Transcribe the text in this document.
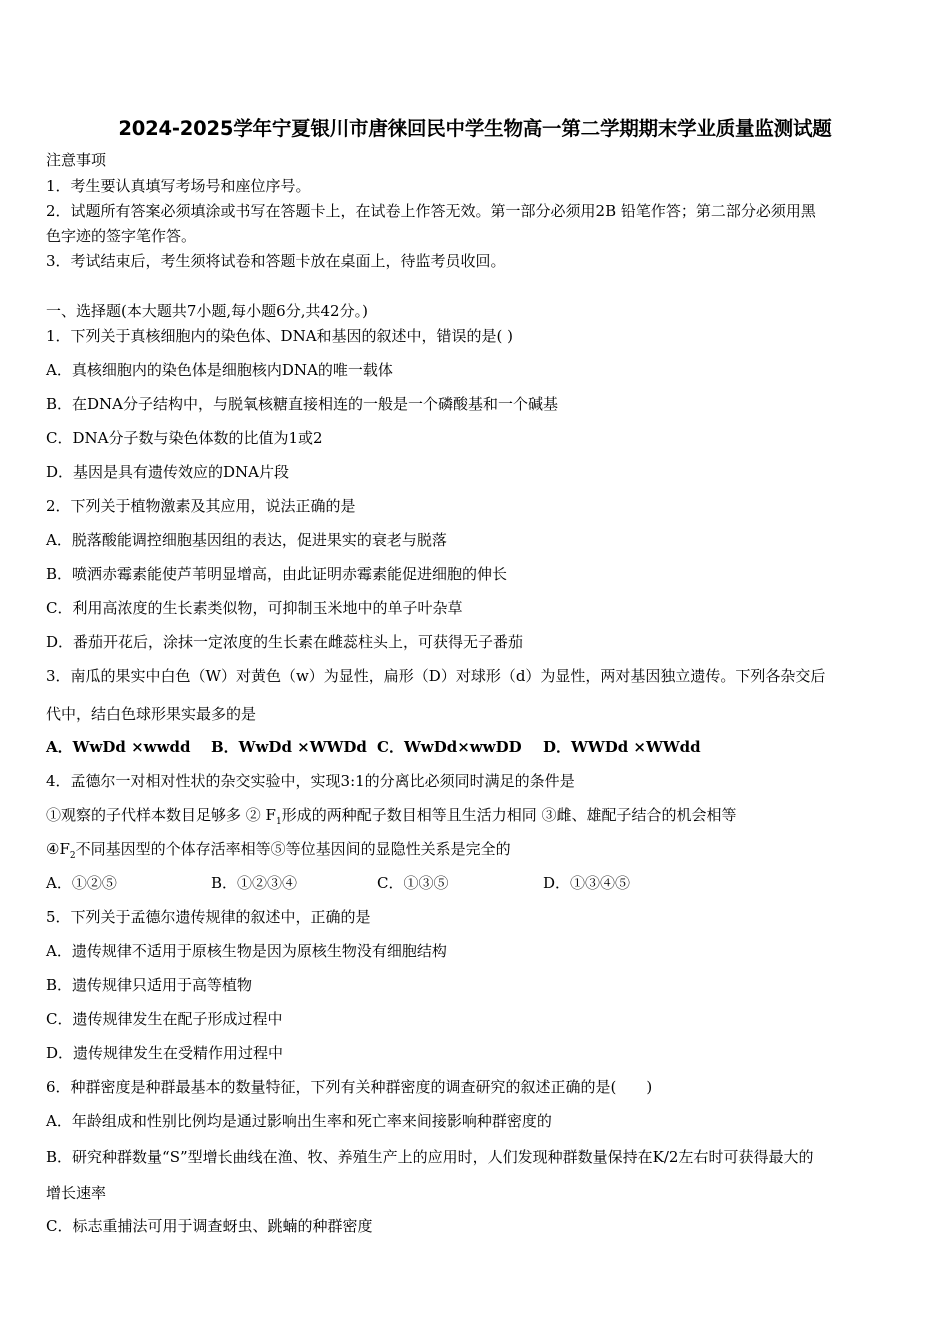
2024-2025学年宁夏银川市唐徕回民中学生物高一第二学期期末学业质量监测试题
注意事项
1．考生要认真填写考场号和座位序号。
2．试题所有答案必须填涂或书写在答题卡上，在试卷上作答无效。第一部分必须用2B 铅笔作答；第二部分必须用黑
色字迹的签字笔作答。
3．考试结束后，考生须将试卷和答题卡放在桌面上，待监考员收回。
一、选择题(本大题共7小题,每小题6分,共42分。)
1．下列关于真核细胞内的染色体、DNA和基因的叙述中，错误的是( )
A．真核细胞内的染色体是细胞核内DNA的唯一载体
B．在DNA分子结构中，与脱氧核糖直接相连的一般是一个磷酸基和一个碱基
C．DNA分子数与染色体数的比值为1或2
D．基因是具有遗传效应的DNA片段
2．下列关于植物激素及其应用，说法正确的是
A．脱落酸能调控细胞基因组的表达，促进果实的衰老与脱落
B．喷洒赤霉素能使芦苇明显增高，由此证明赤霉素能促进细胞的伸长
C．利用高浓度的生长素类似物，可抑制玉米地中的单子叶杂草
D．番茄开花后，涂抹一定浓度的生长素在雌蕊柱头上，可获得无子番茄
3．南瓜的果实中白色（W）对黄色（w）为显性，扁形（D）对球形（d）为显性，两对基因独立遗传。下列各杂交后
代中，结白色球形果实最多的是
A．WwDd ×wwdd B．WwDd ×WWDd C．WwDd×wwDD D．WWDd ×WWdd
4．孟德尔一对相对性状的杂交实验中，实现3:1的分离比必须同时满足的条件是
①观察的子代样本数目足够多 ② $F_1$形成的两种配子数目相等且生活力相同 ③雌、雄配子结合的机会相等
$④F_2$不同基因型的个体存活率相等⑤等位基因间的显隐性关系是完全的
A．①②⑤	B．①②③④	C．①③⑤	D．①③④⑤
5．下列关于孟德尔遗传规律的叙述中，正确的是
A．遗传规律不适用于原核生物是因为原核生物没有细胞结构
B．遗传规律只适用于高等植物
C．遗传规律发生在配子形成过程中
D．遗传规律发生在受精作用过程中
6．种群密度是种群最基本的数量特征，下列有关种群密度的调查研究的叙述正确的是(　　)
A．年龄组成和性别比例均是通过影响出生率和死亡率来间接影响种群密度的
B．研究种群数量“S”型增长曲线在渔、牧、养殖生产上的应用时，人们发现种群数量保持在K/2左右时可获得最大的
增长速率
C．标志重捕法可用于调查蚜虫、跳蝻的种群密度
